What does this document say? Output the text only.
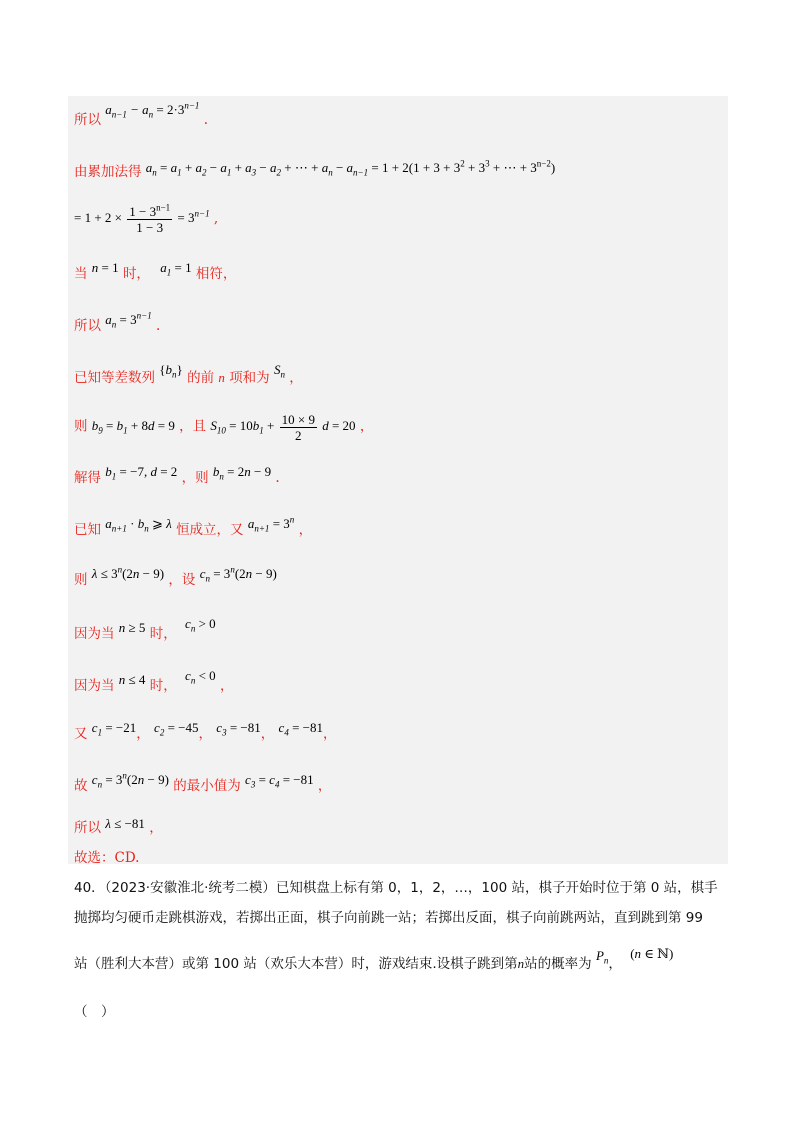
所以 $a_{n-1} - a_n = 2\cdot 3^{n-1}$ .
由累加法得 $a_n = a_1 + a_2 - a_1 + a_3 - a_2$ + ⋯ + $a_n - a_{n-1} = 1 + 2(1 + 3 + 3^2 + 3^3$ + ⋯ + $3^{n-2}$)
= $1 + 2 \times \frac{1 - 3^{n-1}}{1 - 3} = 3^{n-1}$ ,
当 n = 1 时， $a_1 = 1$ 相符，
所以 $a_n = 3^{n-1}$ .
已知等差数列 $\{b_n\}$ 的前 n 项和为 $S_n$ ，
则 $b_9 = b_1 + 8d = 9$ ，且 $S_{10} = 10b_1 + \frac{10 \times 9}{2}$ d = 20 ，
解得 $b_1 = -7$, d = 2 ，则 $b_n = 2n - 9$ .
已知 $a_{n+1} \cdot b_n$ ⩾ λ 恒成立，又 $a_{n+1} = 3^n$ ，
则 $\lambda \le 3^n(2n - 9)$ ，设 $c_n = 3^n(2n - 9)$
因为当 n ≥ 5 时， $c_n > 0$
因为当 n ≤ 4 时， $c_n < 0$ ，
又 $c_1 = -21$， $c_2 = -45$， $c_3 = -81$， $c_4 = -81$，
故 $c_n = 3^n(2n - 9)$ 的最小值为 $c_3 = c_4 = -81$ ，
所以 λ ≤ −81 ，
故选：CD.
40．（2023·安徽淮北·统考二模）已知棋盘上标有第 0，1，2，…，100 站，棋子开始时位于第 0 站，棋手
抛掷均匀硬币走跳棋游戏，若掷出正面，棋子向前跳一站；若掷出反面，棋子向前跳两站，直到跳到第 99
站（胜利大本营）或第 100 站（欢乐大本营）时，游戏结束.设棋子跳到第n站的概率为 $P_n$， (n ∈ ℕ)
（　）
